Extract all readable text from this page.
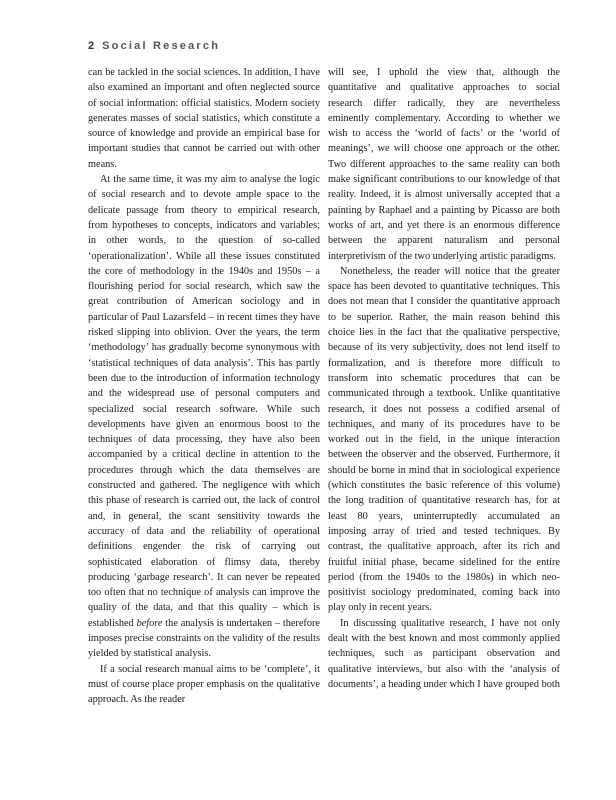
2 Social Research

can be tackled in the social sciences. In addition, I have also examined an important and often neglected source of social information: official statistics. Modern society generates masses of social statistics, which constitute a source of knowledge and provide an empirical base for important studies that cannot be carried out with other means.

At the same time, it was my aim to analyse the logic of social research and to devote ample space to the delicate passage from theory to empirical research, from hypotheses to concepts, indicators and variables; in other words, to the question of so-called ‘operationalization’. While all these issues constituted the core of methodology in the 1940s and 1950s – a flourishing period for social research, which saw the great contribution of American sociology and in particular of Paul Lazarsfeld – in recent times they have risked slipping into oblivion. Over the years, the term ‘methodology’ has gradually become synonymous with ‘statistical techniques of data analysis’. This has partly been due to the introduction of information technology and the widespread use of personal computers and specialized social research software. While such developments have given an enormous boost to the techniques of data processing, they have also been accompanied by a critical decline in attention to the procedures through which the data themselves are constructed and gathered. The negligence with which this phase of research is carried out, the lack of control and, in general, the scant sensitivity towards the accuracy of data and the reliability of operational definitions engender the risk of carrying out sophisticated elaboration of flimsy data, thereby producing ‘garbage research’. It can never be repeated too often that no technique of analysis can improve the quality of the data, and that this quality – which is established before the analysis is undertaken – therefore imposes precise constraints on the validity of the results yielded by statistical analysis.

If a social research manual aims to be ‘complete’, it must of course place proper emphasis on the qualitative approach. As the reader

will see, I uphold the view that, although the quantitative and qualitative approaches to social research differ radically, they are nevertheless eminently complementary. According to whether we wish to access the ‘world of facts’ or the ‘world of meanings’, we will choose one approach or the other. Two different approaches to the same reality can both make significant contributions to our knowledge of that reality. Indeed, it is almost universally accepted that a painting by Raphael and a painting by Picasso are both works of art, and yet there is an enormous difference between the apparent naturalism and personal interpretivism of the two underlying artistic paradigms.

Nonetheless, the reader will notice that the greater space has been devoted to quantitative techniques. This does not mean that I consider the quantitative approach to be superior. Rather, the main reason behind this choice lies in the fact that the qualitative perspective, because of its very subjectivity, does not lend itself to formalization, and is therefore more difficult to transform into schematic procedures that can be communicated through a textbook. Unlike quantitative research, it does not possess a codified arsenal of techniques, and many of its procedures have to be worked out in the field, in the unique interaction between the observer and the observed. Furthermore, it should be borne in mind that in sociological experience (which constitutes the basic reference of this volume) the long tradition of quantitative research has, for at least 80 years, uninterruptedly accumulated an imposing array of tried and tested techniques. By contrast, the qualitative approach, after its rich and fruitful initial phase, became sidelined for the entire period (from the 1940s to the 1980s) in which neo-positivist sociology predominated, coming back into play only in recent years.

In discussing qualitative research, I have not only dealt with the best known and most commonly applied techniques, such as participant observation and qualitative interviews, but also with the ‘analysis of documents’, a heading under which I have grouped both
